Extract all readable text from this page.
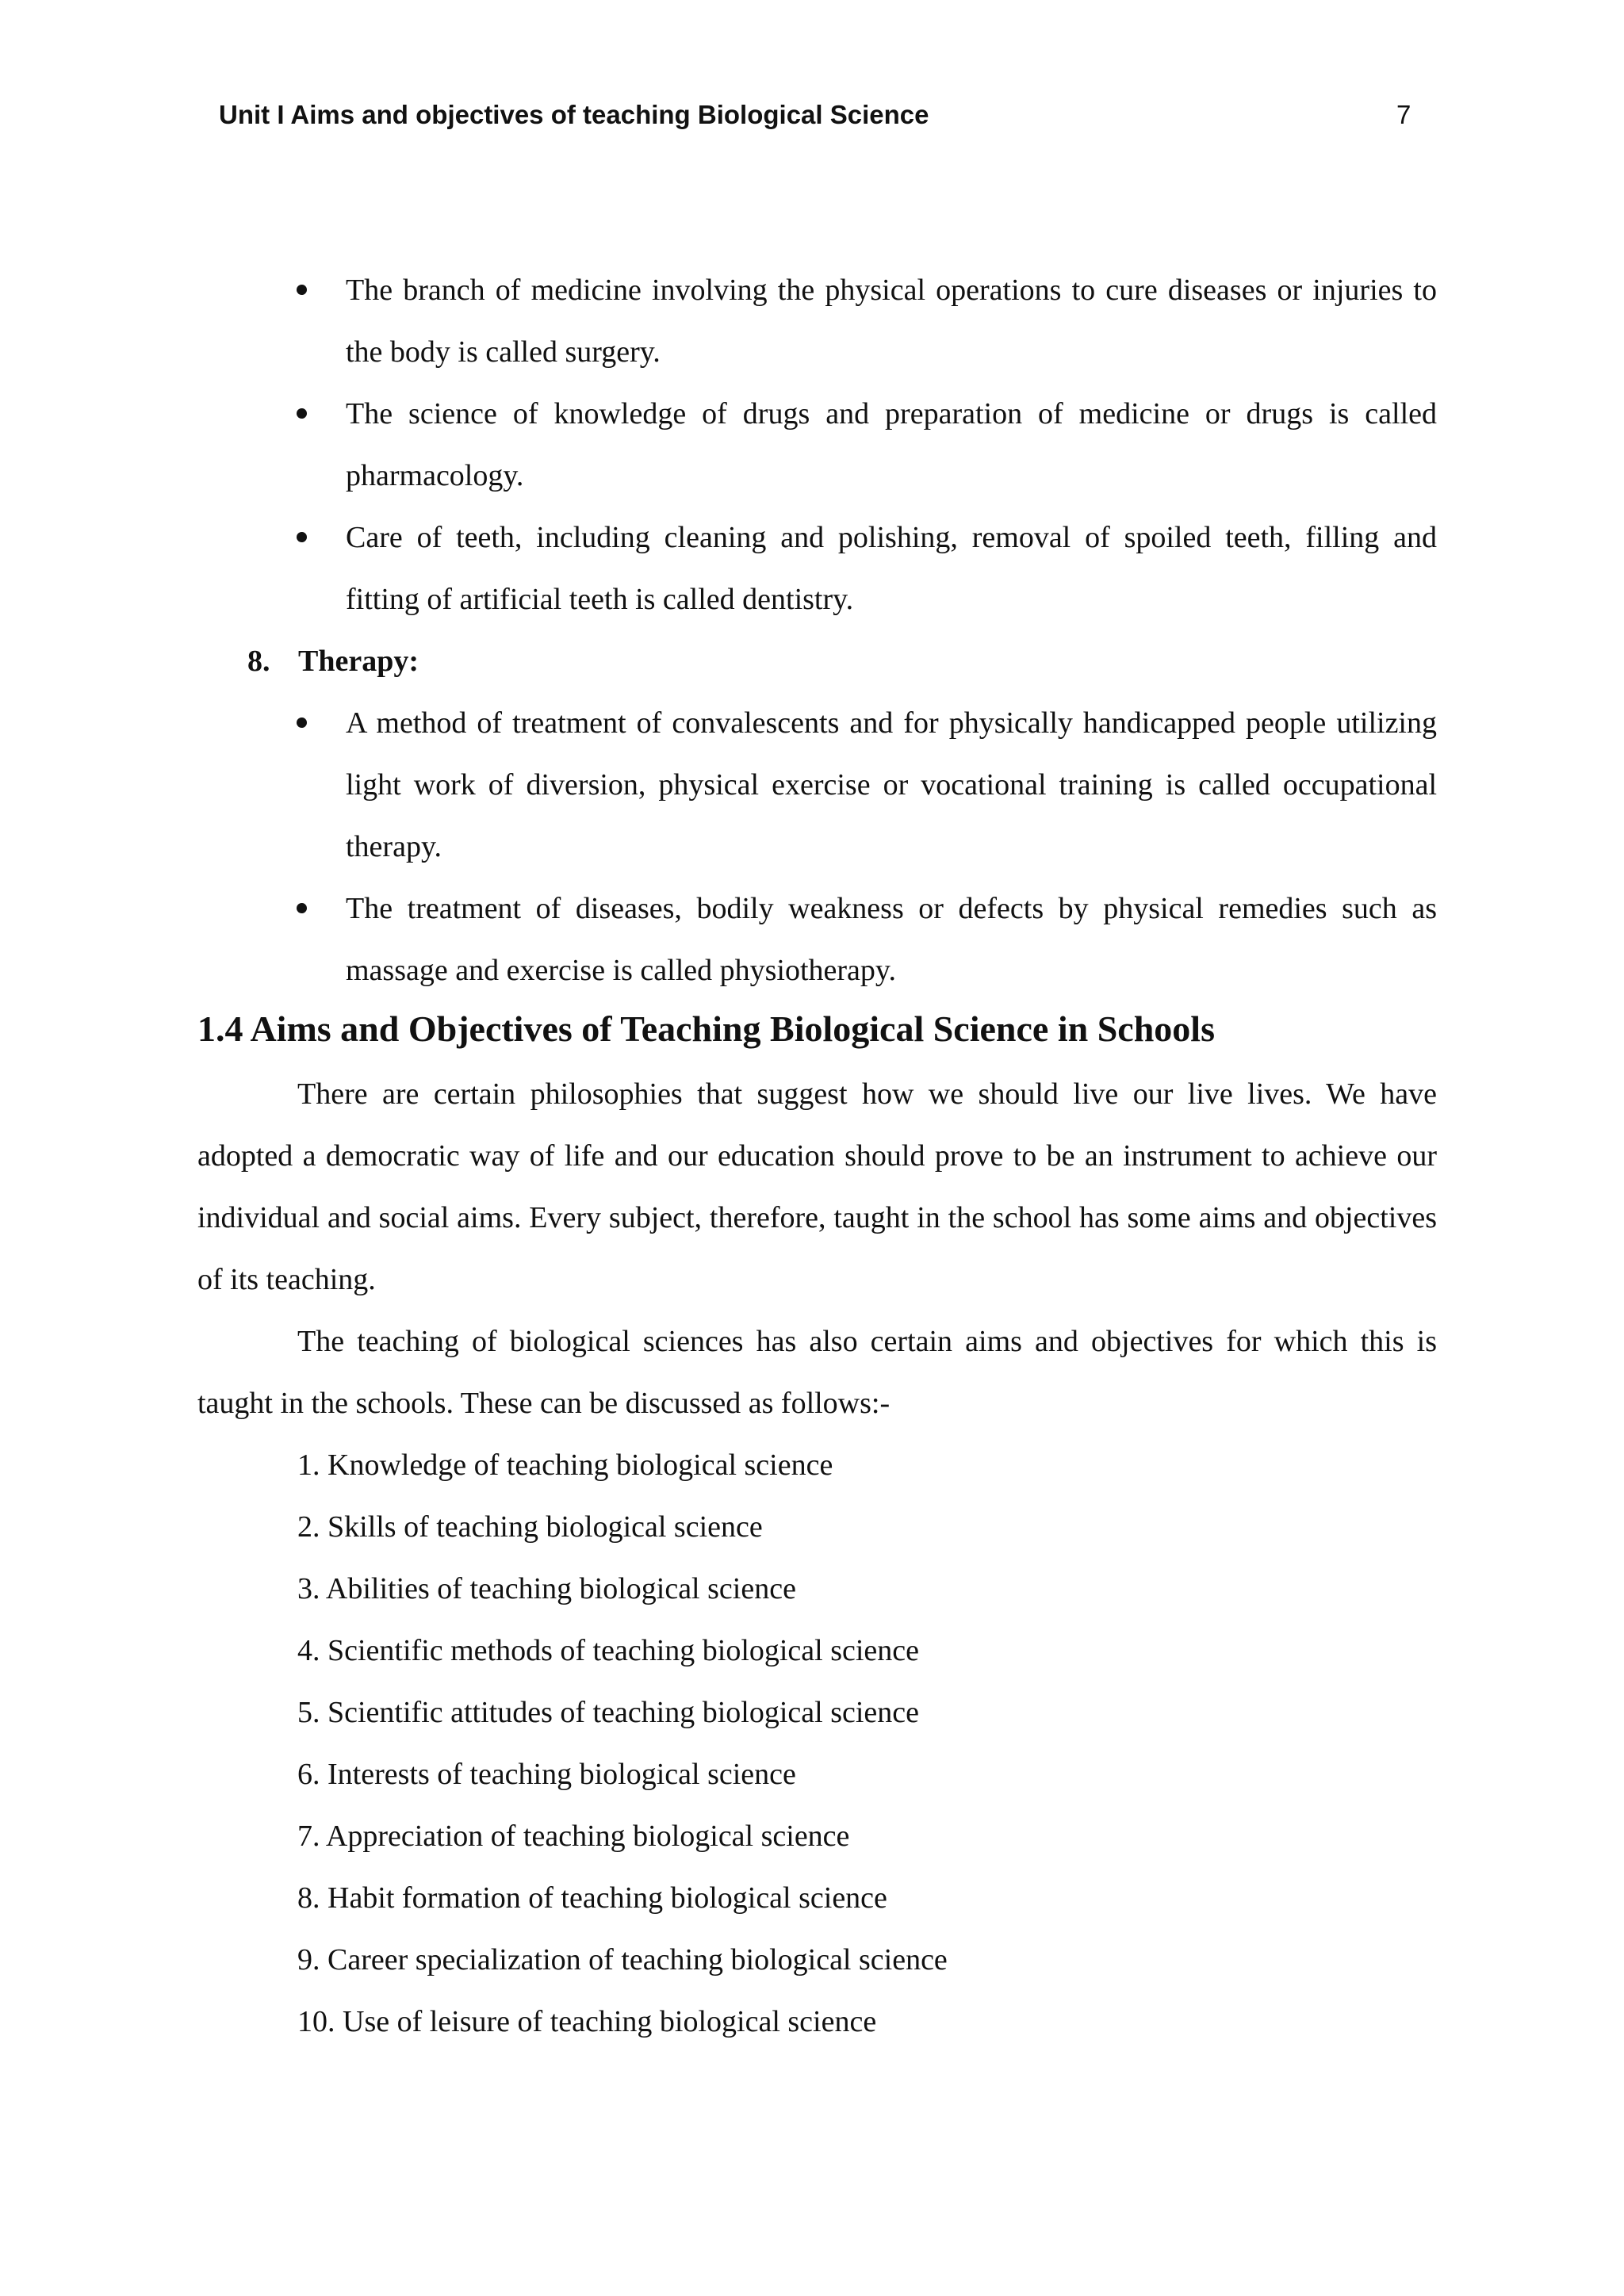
Unit I Aims and objectives of teaching Biological Science	7
The branch of medicine involving the physical operations to cure diseases or injuries to the body is called surgery.
The science of knowledge of drugs and preparation of medicine or drugs is called pharmacology.
Care of teeth, including cleaning and polishing, removal of spoiled teeth, filling and fitting of artificial teeth is called dentistry.
8. Therapy:
A method of treatment of convalescents and for physically handicapped people utilizing light work of diversion, physical exercise or vocational training is called occupational therapy.
The treatment of diseases, bodily weakness or defects by physical remedies such as massage and exercise is called physiotherapy.
1.4 Aims and Objectives of Teaching Biological Science in Schools
There are certain philosophies that suggest how we should live our live lives. We have adopted a democratic way of life and our education should prove to be an instrument to achieve our individual and social aims. Every subject, therefore, taught in the school has some aims and objectives of its teaching.
The teaching of biological sciences has also certain aims and objectives for which this is taught in the schools. These can be discussed as follows:-
1. Knowledge of teaching biological science
2. Skills of teaching biological science
3. Abilities of teaching biological science
4. Scientific methods of teaching biological science
5. Scientific attitudes of teaching biological science
6. Interests of teaching biological science
7. Appreciation of teaching biological science
8. Habit formation of teaching biological science
9. Career specialization of teaching biological science
10. Use of leisure of teaching biological science
